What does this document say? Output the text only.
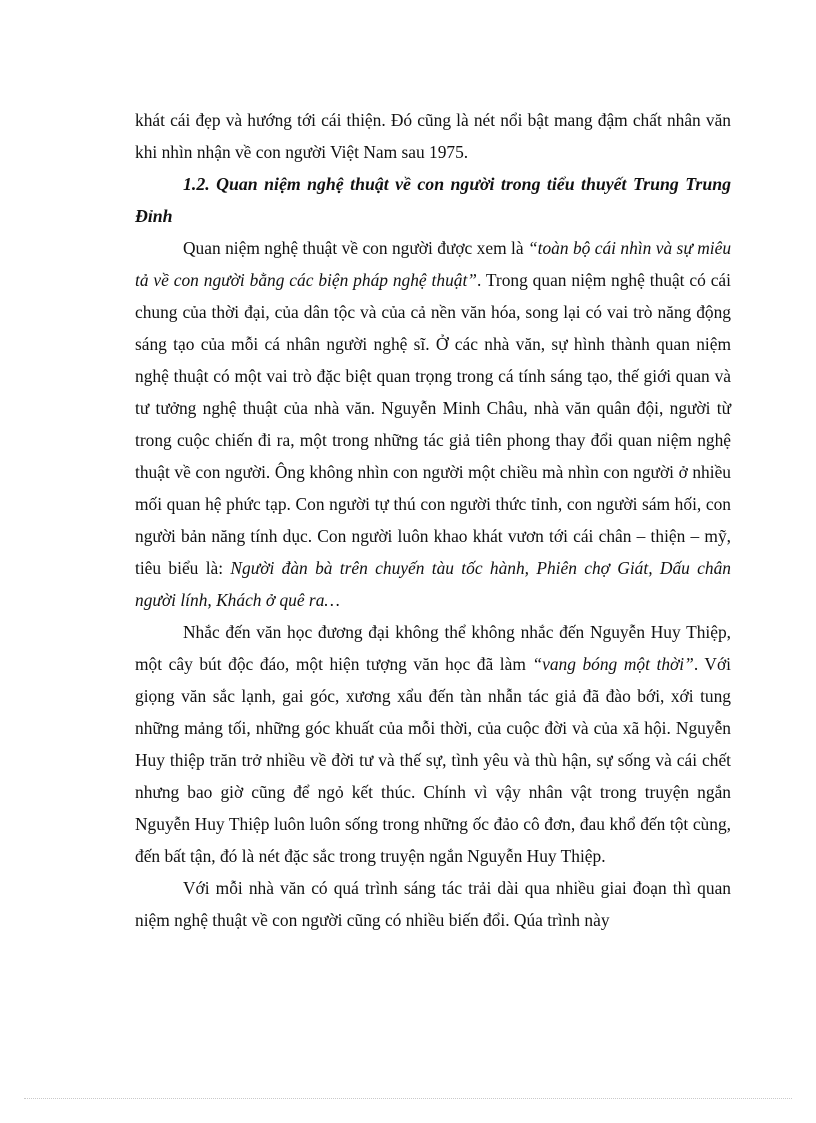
khát cái đẹp và hướng tới cái thiện. Đó cũng là nét nổi bật mang đậm chất nhân văn khi nhìn nhận về con người Việt Nam sau 1975.

1.2. Quan niệm nghệ thuật về con người trong tiểu thuyết Trung Trung Đỉnh

Quan niệm nghệ thuật về con người được xem là “toàn bộ cái nhìn và sự miêu tả về con người bằng các biện pháp nghệ thuật”. Trong quan niệm nghệ thuật có cái chung của thời đại, của dân tộc và của cả nền văn hóa, song lại có vai trò năng động sáng tạo của mỗi cá nhân người nghệ sĩ. Ở các nhà văn, sự hình thành quan niệm nghệ thuật có một vai trò đặc biệt quan trọng trong cá tính sáng tạo, thế giới quan và tư tưởng nghệ thuật của nhà văn. Nguyễn Minh Châu, nhà văn quân đội, người từ trong cuộc chiến đi ra, một trong những tác giả tiên phong thay đổi quan niệm nghệ thuật về con người. Ông không nhìn con người một chiều mà nhìn con người ở nhiều mối quan hệ phức tạp. Con người tự thú con người thức tỉnh, con người sám hối, con người bản năng tính dục. Con người luôn khao khát vươn tới cái chân – thiện – mỹ, tiêu biểu là: Người đàn bà trên chuyến tàu tốc hành, Phiên chợ Giát, Dấu chân người lính, Khách ở quê ra…

Nhắc đến văn học đương đại không thể không nhắc đến Nguyễn Huy Thiệp, một cây bút độc đáo, một hiện tượng văn học đã làm “vang bóng một thời”. Với giọng văn sắc lạnh, gai góc, xương xẩu đến tàn nhẫn tác giả đã đào bới, xới tung những mảng tối, những góc khuất của mỗi thời, của cuộc đời và của xã hội. Nguyễn Huy thiệp trăn trở nhiều về đời tư và thế sự, tình yêu và thù hận, sự sống và cái chết nhưng bao giờ cũng để ngỏ kết thúc. Chính vì vậy nhân vật trong truyện ngắn Nguyễn Huy Thiệp luôn luôn sống trong những ốc đảo cô đơn, đau khổ đến tột cùng, đến bất tận, đó là nét đặc sắc trong truyện ngắn Nguyễn Huy Thiệp.

Với mỗi nhà văn có quá trình sáng tác trải dài qua nhiều giai đoạn thì quan niệm nghệ thuật về con người cũng có nhiều biến đổi. Qúa trình này
